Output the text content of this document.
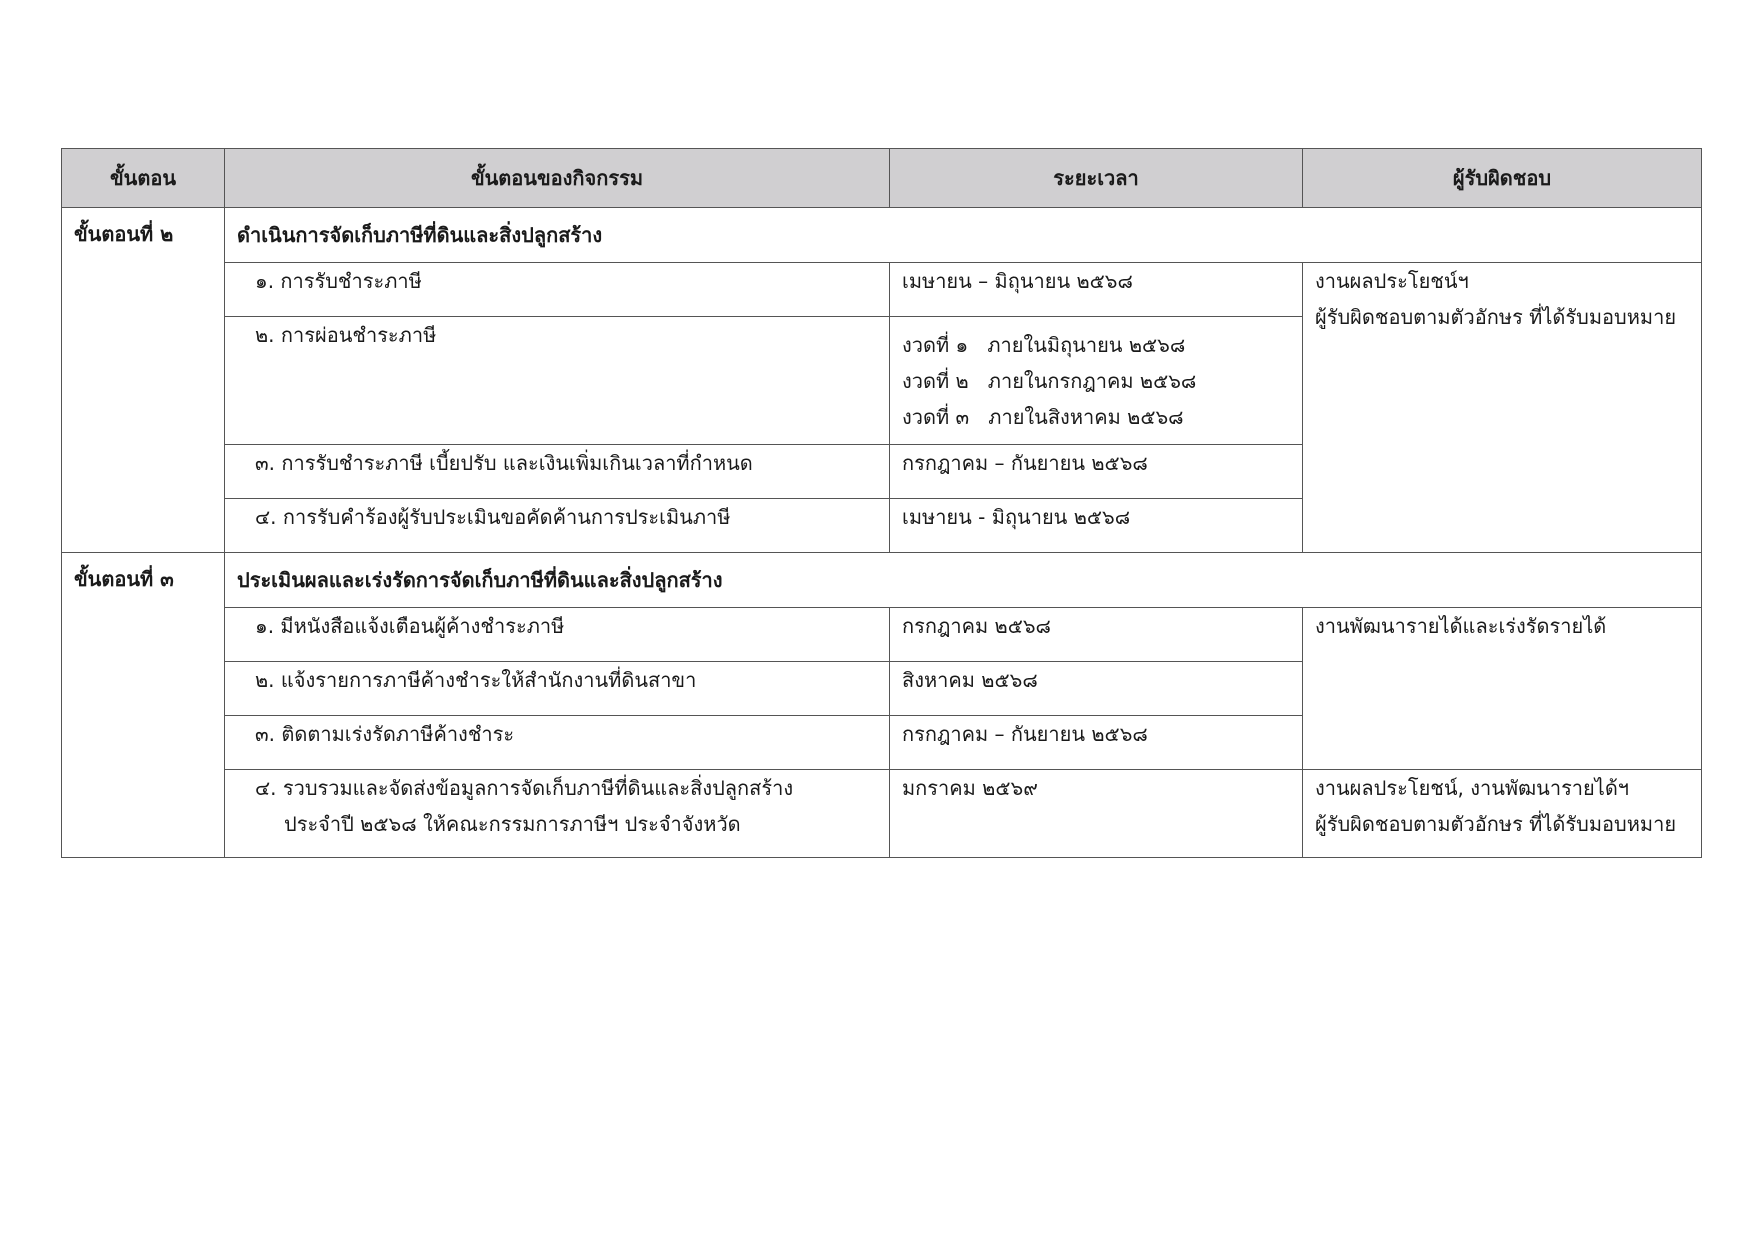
ขั้นตอน	ขั้นตอนของกิจกรรม	ระยะเวลา	ผู้รับผิดชอบ
ขั้นตอนที่ ๒	ดำเนินการจัดเก็บภาษีที่ดินและสิ่งปลูกสร้าง		
	๑. การรับชำระภาษี	เมษายน – มิถุนายน ๒๕๖๘	งานผลประโยชน์ฯ
ผู้รับผิดชอบตามตัวอักษร ที่ได้รับมอบหมาย

	๒. การผ่อนชำระภาษี	งวดที่ ๑ ภายในมิถุนายน ๒๕๖๘
งวดที่ ๒ ภายในกรกฎาคม ๒๕๖๘
งวดที่ ๓ ภายในสิงหาคม ๒๕๖๘	

	๓. การรับชำระภาษี เบี้ยปรับ และเงินเพิ่มเกินเวลาที่กำหนด	กรกฎาคม – กันยายน ๒๕๖๘	
	๔. การรับคำร้องผู้รับประเมินขอคัดค้านการประเมินภาษี	เมษายน - มิถุนายน ๒๕๖๘	
ขั้นตอนที่ ๓	ประเมินผลและเร่งรัดการจัดเก็บภาษีที่ดินและสิ่งปลูกสร้าง		
	๑. มีหนังสือแจ้งเตือนผู้ค้างชำระภาษี	กรกฎาคม ๒๕๖๘	งานพัฒนารายได้และเร่งรัดรายได้
	๒. แจ้งรายการภาษีค้างชำระให้สำนักงานที่ดินสาขา	สิงหาคม ๒๕๖๘	
	๓. ติดตามเร่งรัดภาษีค้างชำระ	กรกฎาคม – กันยายน ๒๕๖๘	

	๔. รวบรวมและจัดส่งข้อมูลการจัดเก็บภาษีที่ดินและสิ่งปลูกสร้าง
ประจำปี ๒๕๖๘ ให้คณะกรรมการภาษีฯ ประจำจังหวัด	มกราคม ๒๕๖๙	งานผลประโยชน์, งานพัฒนารายได้ฯ
ผู้รับผิดชอบตามตัวอักษร ที่ได้รับมอบหมาย
